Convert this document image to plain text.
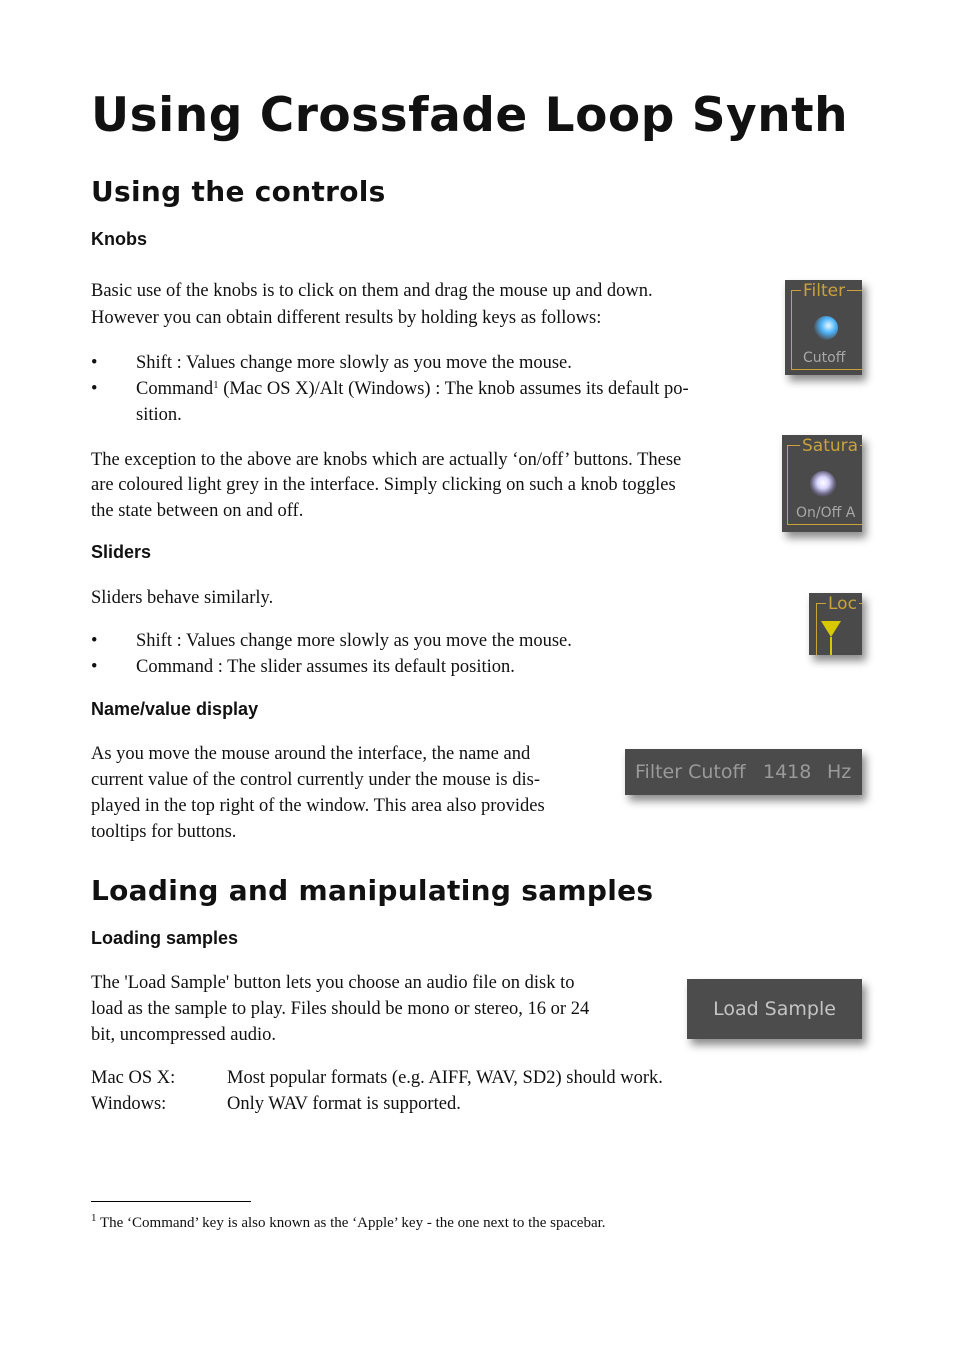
Using Crossfade Loop Synth
Using the controls
Knobs
Basic use of the knobs is to click on them and drag the mouse up and down.
However you can obtain different results by holding keys as follows:
•	Shift : Values change more slowly as you move the mouse.
•	Command$^1$ (Mac OS X)/Alt (Windows) : The knob assumes its default po-
sition.
The exception to the above are knobs which are actually ‘on/off’ buttons. These
are coloured light grey in the interface. Simply clicking on such a knob toggles
the state between on and off.
Filter
Cutoff
Satura
On/Off A
Sliders
Sliders behave similarly.
•	Shift : Values change more slowly as you move the mouse.
•	Command : The slider assumes its default position.
Loc
Name/value display
As you move the mouse around the interface, the name and
current value of the control currently under the mouse is dis-
played in the top right of the window. This area also provides
tooltips for buttons.
Filter Cutoff 1418 Hz
Loading and manipulating samples
Loading samples
The 'Load Sample' button lets you choose an audio file on disk to
load as the sample to play. Files should be mono or stereo, 16 or 24
bit, uncompressed audio.
Load Sample
Mac OS X:	Most popular formats (e.g. AIFF, WAV, SD2) should work.
Windows:	Only WAV format is supported.
$^1$ The ‘Command’ key is also known as the ‘Apple’ key - the one next to the spacebar.
